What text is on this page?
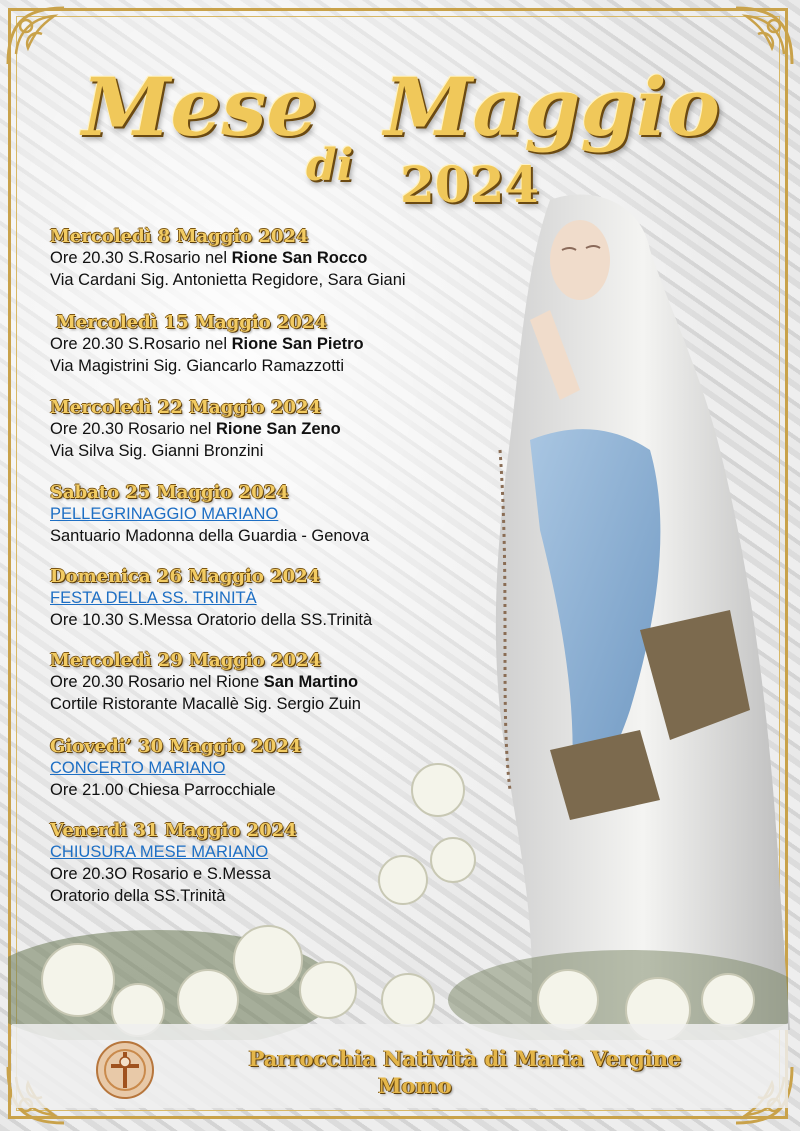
Mese
di
Maggio
2024
Mercoledì 8 Maggio 2024
Ore 20.30 S.Rosario nel Rione San Rocco
Via Cardani Sig. Antonietta Regidore, Sara Giani
Mercoledì 15 Maggio 2024
Ore 20.30 S.Rosario nel Rione San Pietro
Via Magistrini Sig. Giancarlo Ramazzotti
Mercoledì 22 Maggio 2024
Ore 20.30 Rosario nel Rione San Zeno
Via Silva Sig. Gianni Bronzini
Sabato 25 Maggio 2024
PELLEGRINAGGIO MARIANO
Santuario Madonna della Guardia - Genova
Domenica 26 Maggio 2024
FESTA DELLA SS. TRINITÀ
Ore 10.30 S.Messa Oratorio della SS.Trinità
Mercoledì 29 Maggio 2024
Ore 20.30 Rosario nel Rione San Martino
Cortile Ristorante Macallè Sig. Sergio Zuin
Giovedi’ 30 Maggio 2024
CONCERTO MARIANO
Ore 21.00 Chiesa Parrocchiale
Venerdi 31 Maggio 2024
CHIUSURA MESE MARIANO
Ore 20.3O Rosario e S.Messa
Oratorio della SS.Trinità
Parrocchia Natività di Maria Vergine
Momo
